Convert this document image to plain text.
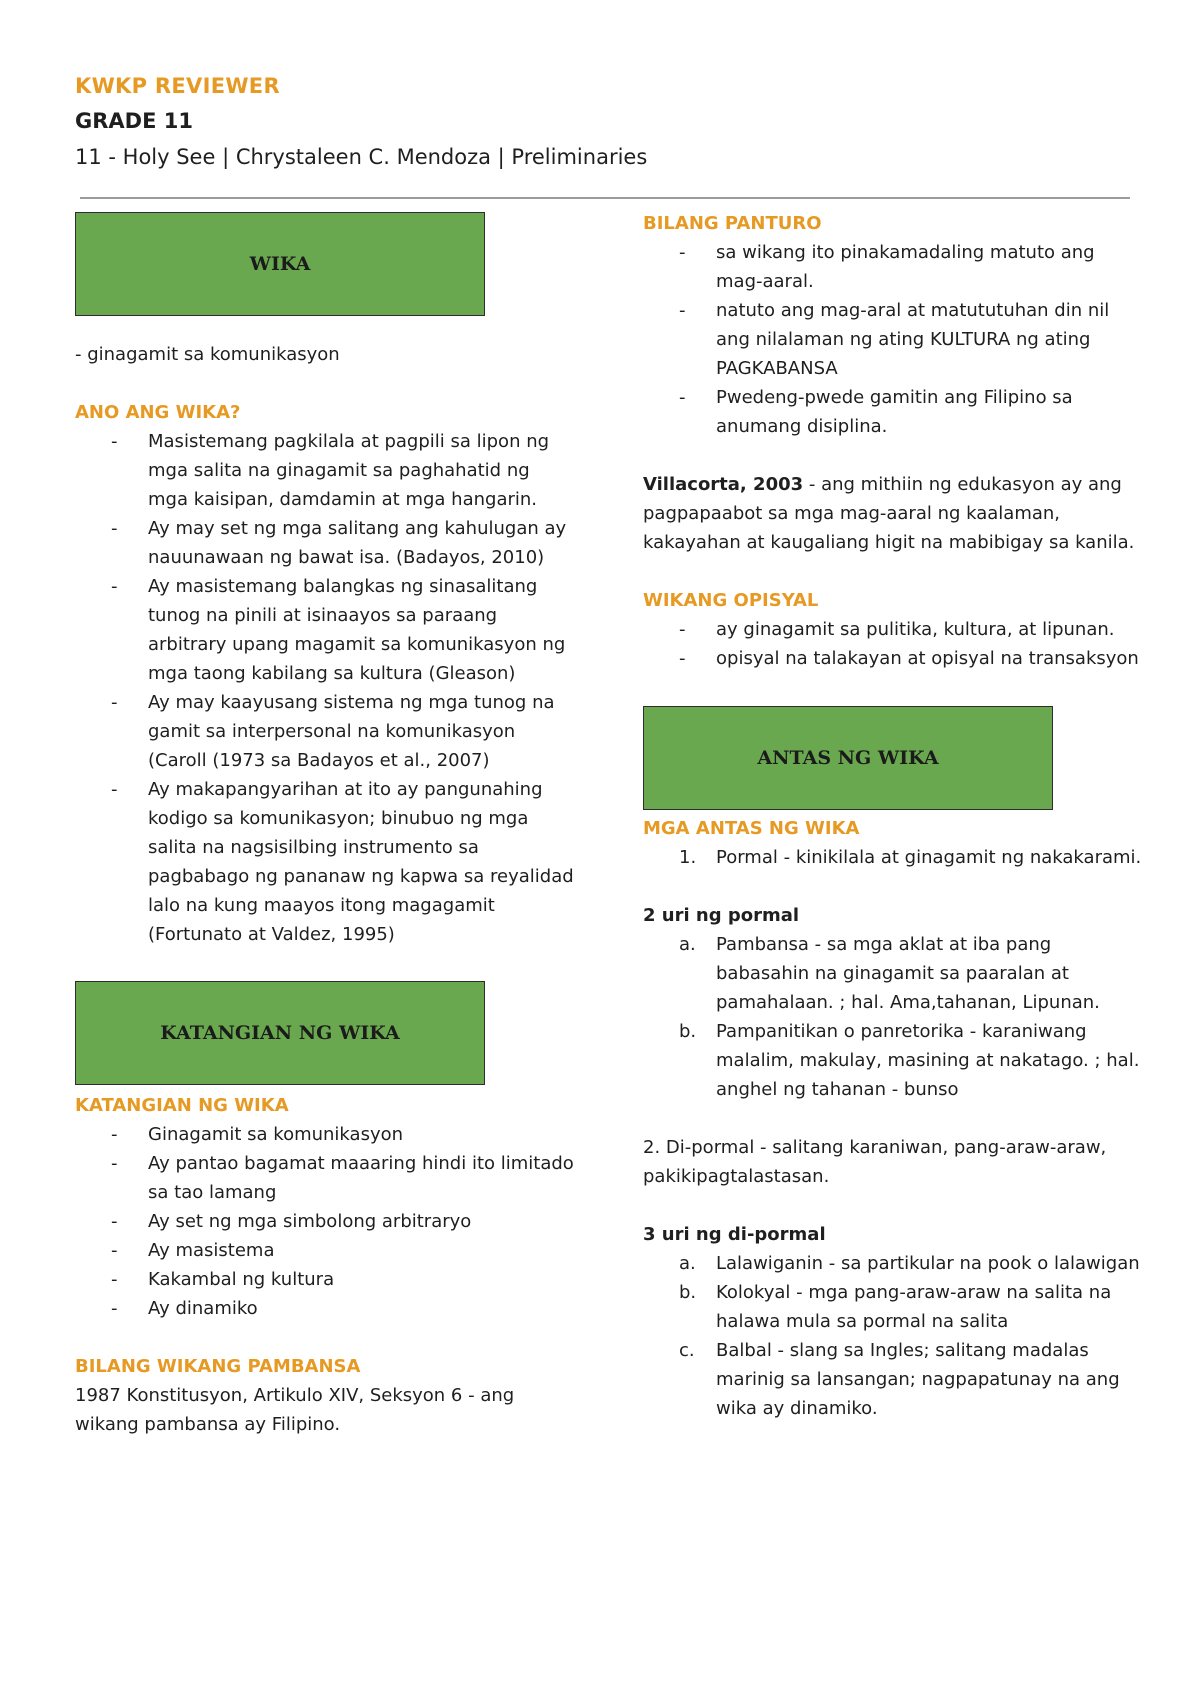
KWKP REVIEWER
GRADE 11
11 - Holy See | Chrystaleen C. Mendoza | Preliminaries
WIKA

- ginagamit sa komunikasyon

ANO ANG WIKA?
- Masistemang pagkilala at pagpili sa lipon ng mga salita na ginagamit sa paghahatid ng mga kaisipan, damdamin at mga hangarin.
- Ay may set ng mga salitang ang kahulugan ay nauunawaan ng bawat isa. (Badayos, 2010)
- Ay masistemang balangkas ng sinasalitang tunog na pinili at isinaayos sa paraang arbitrary upang magamit sa komunikasyon ng mga taong kabilang sa kultura (Gleason)
- Ay may kaayusang sistema ng mga tunog na gamit sa interpersonal na komunikasyon (Caroll (1973 sa Badayos et al., 2007)
- Ay makapangyarihan at ito ay pangunahing kodigo sa komunikasyon; binubuo ng mga salita na nagsisilbing instrumento sa pagbabago ng pananaw ng kapwa sa reyalidad lalo na kung maayos itong magagamit (Fortunato at Valdez, 1995)
KATANGIAN NG WIKA
KATANGIAN NG WIKA
- Ginagamit sa komunikasyon
- Ay pantao bagamat maaaring hindi ito limitado sa tao lamang
- Ay set ng mga simbolong arbitraryo
- Ay masistema
- Kakambal ng kultura
- Ay dinamiko
BILANG WIKANG PAMBANSA

1987 Konstitusyon, Artikulo XIV, Seksyon 6 - ang wikang pambansa ay Filipino.

BILANG PANTURO
- sa wikang ito pinakamadaling matuto ang mag-aaral.
- natuto ang mag-aral at matututuhan din nil ang nilalaman ng ating KULTURA ng ating PAGKABANSA
- Pwedeng-pwede gamitin ang Filipino sa anumang disiplina.

Villacorta, 2003 - ang mithiin ng edukasyon ay ang pagpapaabot sa mga mag-aaral ng kaalaman, kakayahan at kaugaliang higit na mabibigay sa kanila.

WIKANG OPISYAL
- ay ginagamit sa pulitika, kultura, at lipunan.
- opisyal na talakayan at opisyal na transaksyon
ANTAS NG WIKA
MGA ANTAS NG WIKA
1. Pormal - kinikilala at ginagamit ng nakakarami.
2 uri ng pormal
a. Pambansa - sa mga aklat at iba pang babasahin na ginagamit sa paaralan at pamahalaan. ; hal. Ama,tahanan, Lipunan.
b. Pampanitikan o panretorika - karaniwang malalim, makulay, masining at nakatago. ; hal. anghel ng tahanan - bunso

2. Di-pormal - salitang karaniwan, pang-araw-araw, pakikipagtalastasan.

3 uri ng di-pormal
a. Lalawiganin - sa partikular na pook o lalawigan
b. Kolokyal - mga pang-araw-araw na salita na halawa mula sa pormal na salita
c. Balbal - slang sa Ingles; salitang madalas marinig sa lansangan; nagpapatunay na ang wika ay dinamiko.
